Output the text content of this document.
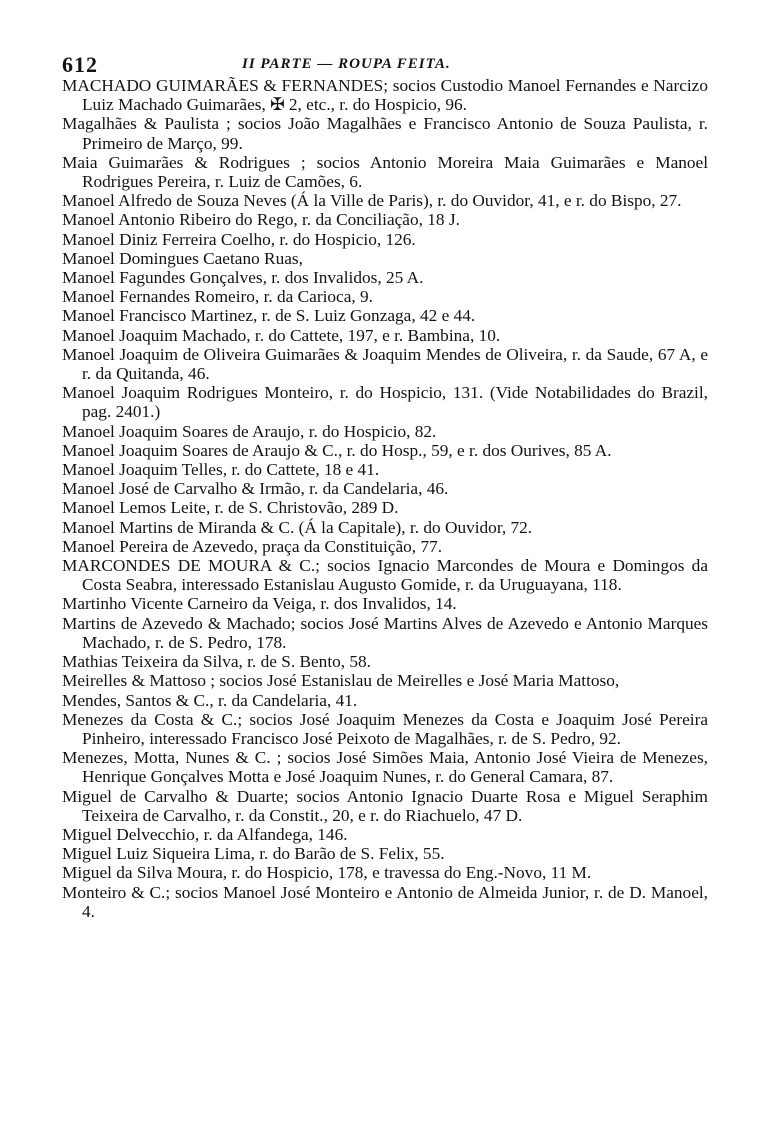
612	II PARTE — ROUPA FEITA.

MACHADO GUIMARÃES & FERNANDES; socios Custodio Manoel Fernandes e Narcizo Luiz Machado Guimarães, ✠ 2, etc., r. do Hospicio, 96.

Magalhães & Paulista ; socios João Magalhães e Francisco Antonio de Souza Paulista, r. Primeiro de Março, 99.

Maia Guimarães & Rodrigues ; socios Antonio Moreira Maia Guimarães e Manoel Rodrigues Pereira, r. Luiz de Camões, 6.

Manoel Alfredo de Souza Neves (Á la Ville de Paris), r. do Ouvidor, 41, e r. do Bispo, 27.

Manoel Antonio Ribeiro do Rego, r. da Conciliação, 18 J.

Manoel Diniz Ferreira Coelho, r. do Hospicio, 126.

Manoel Domingues Caetano Ruas,

Manoel Fagundes Gonçalves, r. dos Invalidos, 25 A.

Manoel Fernandes Romeiro, r. da Carioca, 9.

Manoel Francisco Martinez, r. de S. Luiz Gonzaga, 42 e 44.

Manoel Joaquim Machado, r. do Cattete, 197, e r. Bambina, 10.

Manoel Joaquim de Oliveira Guimarães & Joaquim Mendes de Oliveira, r. da Saude, 67 A, e r. da Quitanda, 46.

Manoel Joaquim Rodrigues Monteiro, r. do Hospicio, 131. (Vide Notabilidades do Brazil, pag. 2401.)

Manoel Joaquim Soares de Araujo, r. do Hospicio, 82.

Manoel Joaquim Soares de Araujo & C., r. do Hosp., 59, e r. dos Ourives, 85 A.

Manoel Joaquim Telles, r. do Cattete, 18 e 41.

Manoel José de Carvalho & Irmão, r. da Candelaria, 46.

Manoel Lemos Leite, r. de S. Christovão, 289 D.

Manoel Martins de Miranda & C. (Á la Capitale), r. do Ouvidor, 72.

Manoel Pereira de Azevedo, praça da Constituição, 77.

MARCONDES DE MOURA & C.; socios Ignacio Marcondes de Moura e Domingos da Costa Seabra, interessado Estanislau Augusto Gomide, r. da Uruguayana, 118.

Martinho Vicente Carneiro da Veiga, r. dos Invalidos, 14.

Martins de Azevedo & Machado; socios José Martins Alves de Azevedo e Antonio Marques Machado, r. de S. Pedro, 178.

Mathias Teixeira da Silva, r. de S. Bento, 58.

Meirelles & Mattoso ; socios José Estanislau de Meirelles e José Maria Mattoso,

Mendes, Santos & C., r. da Candelaria, 41.

Menezes da Costa & C.; socios José Joaquim Menezes da Costa e Joaquim José Pereira Pinheiro, interessado Francisco José Peixoto de Magalhães, r. de S. Pedro, 92.

Menezes, Motta, Nunes & C. ; socios José Simões Maia, Antonio José Vieira de Menezes, Henrique Gonçalves Motta e José Joaquim Nunes, r. do General Camara, 87.

Miguel de Carvalho & Duarte; socios Antonio Ignacio Duarte Rosa e Miguel Seraphim Teixeira de Carvalho, r. da Constit., 20, e r. do Riachuelo, 47 D.

Miguel Delvecchio, r. da Alfandega, 146.

Miguel Luiz Siqueira Lima, r. do Barão de S. Felix, 55.

Miguel da Silva Moura, r. do Hospicio, 178, e travessa do Eng.-Novo, 11 M.

Monteiro & C.; socios Manoel José Monteiro e Antonio de Almeida Junior, r. de D. Manoel, 4.
